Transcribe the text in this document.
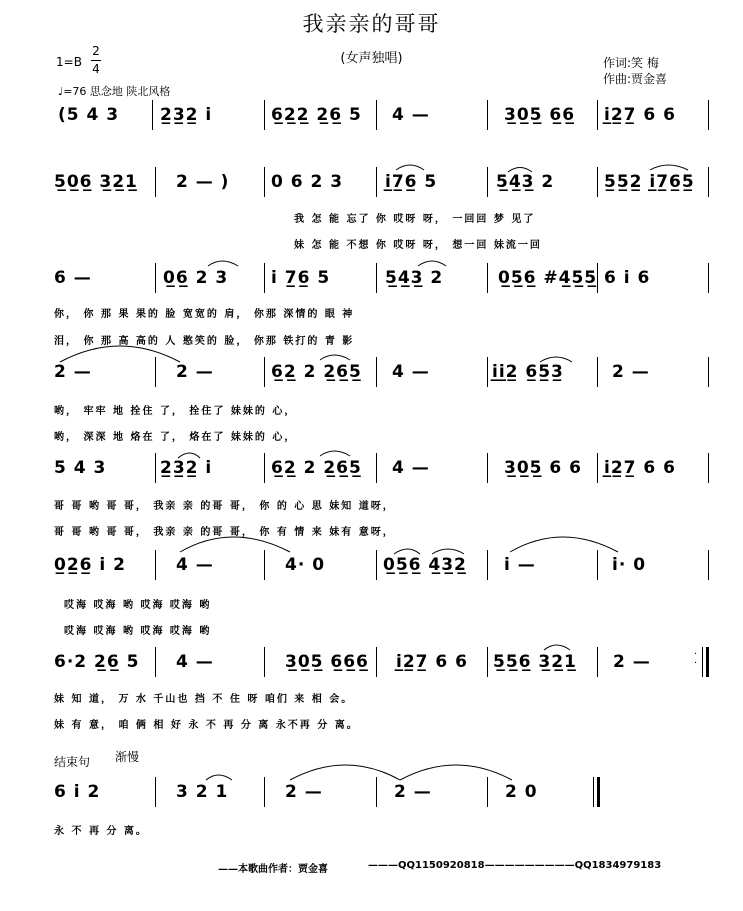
我亲亲的哥哥
(女声独唱)
1=B
2
4
♩=76 思念地 陕北风格
作词:笑 梅
作曲:贾金喜
(5 4 3 2̲3̲2̲ i	6̲2̲2̲ 2̲6̲ 5 4 —	3̲0̲5̲ 6̲6̲ i̲2̲7̲ 6 6
5̲0̲6̲ 3̲2̲1̲ 2 — ) 0 6 2 3 i̲7̲6̲ 5	5̲4̲3̲ 2	5̲5̲2̲ i̲7̲6̲5̲
我 怎 能 忘了 你 哎呀 呀， 一回回 梦 见了
妹 怎 能 不想 你 哎呀 呀， 想一回 妹流一回
6 —	0̲6̲ 2 3	i 7̲6̲ 5	5̲4̲3̲ 2	0̲5̲6̲ #4̲5̲5̲ 6 i 6
你， 你 那 果 果的 脸 宽宽的 肩， 你那 深情的 眼 神
泪， 你 那 高 高的 人 憨笑的 脸， 你那 铁打的 青 影
2 —	2 —	6̲2̲ 2 2̲6̲5̲ 4 —	i̲i̲2̲ 6̲5̲3̲	2 —
哟， 牢牢 地 拴住 了， 拴住了 妹妹的 心，
哟， 深深 地 烙在 了， 烙在了 妹妹的 心，
5 4 3	2̲3̲2̲ i	6̲2̲ 2 2̲6̲5̲ 4 —	3̲0̲5̲ 6 6 i̲2̲7̲ 6 6
哥 哥 哟 哥 哥， 我亲 亲 的哥 哥， 你 的 心 思 妹知 道呀，
哥 哥 哟 哥 哥， 我亲 亲 的哥 哥， 你 有 情 来 妹有 意呀，
0̲2̲6̲ i 2	4 —	4· 0	0̲5̲6̲ 4̲3̲2̲ i —	i· 0
哎海 哎海 哟 哎海 哎海 哟
哎海 哎海 哟 哎海 哎海 哟
6·2 2̲6̲ 5 4 —	3̲0̲5̲ 6̲6̲6̲ i̲2̲7̲ 6 6 5̲5̲6̲ 3̲2̲1̲ 2 —
妹 知 道， 万 水 千山也 挡 不 住 呀 咱们 来 相 会。
妹 有 意， 咱 俩 相 好 永 不 再 分 离 永不再 分 离。
结束句 渐慢
6 i 2	3 2 1	2 —	2 —	2 0
永 不 再 分 离。
——本歌曲作者：贾金喜	———QQ1150920818—————————QQ1834979183
·
·
